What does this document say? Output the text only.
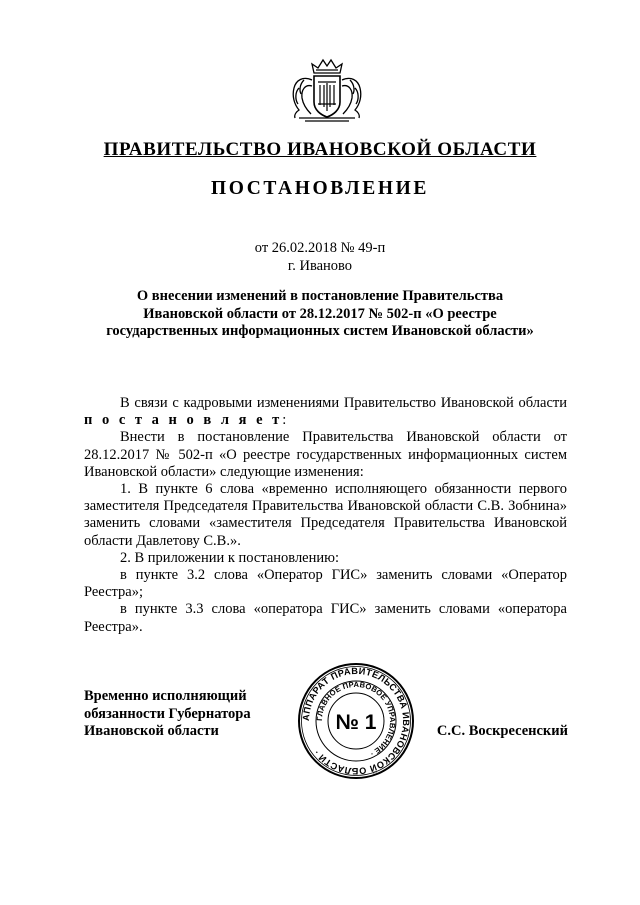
ПРАВИТЕЛЬСТВО ИВАНОВСКОЙ ОБЛАСТИ
ПОСТАНОВЛЕНИЕ
от 26.02.2018 № 49-п
г. Иваново

О внесении изменений в постановление Правительства Ивановской области от 28.12.2017 № 502-п «О реестре государственных информационных систем Ивановской области»

В связи с кадровыми изменениями Правительство Ивановской области п о с т а н о в л я е т:

Внести в постановление Правительства Ивановской области от 28.12.2017 № 502-п «О реестре государственных информационных систем Ивановской области» следующие изменения:

1. В пункте 6 слова «временно исполняющего обязанности первого заместителя Председателя Правительства Ивановской области С.В. Зобнина» заменить словами «заместителя Председателя Правительства Ивановской области Давлетову С.В.».

2. В приложении к постановлению:

в пункте 3.2 слова «Оператор ГИС» заменить словами «Оператор Реестра»;

в пункте 3.3 слова «оператора ГИС» заменить словами «оператора Реестра».

Временно исполняющий
обязанности Губернатора
Ивановской области
АППАРАТ ПРАВИТЕЛЬСТВА ИВАНОВСКОЙ ОБЛАСТИ ·
ГЛАВНОЕ ПРАВОВОЕ УПРАВЛЕНИЕ ·
№ 1	С.С. Воскресенский
